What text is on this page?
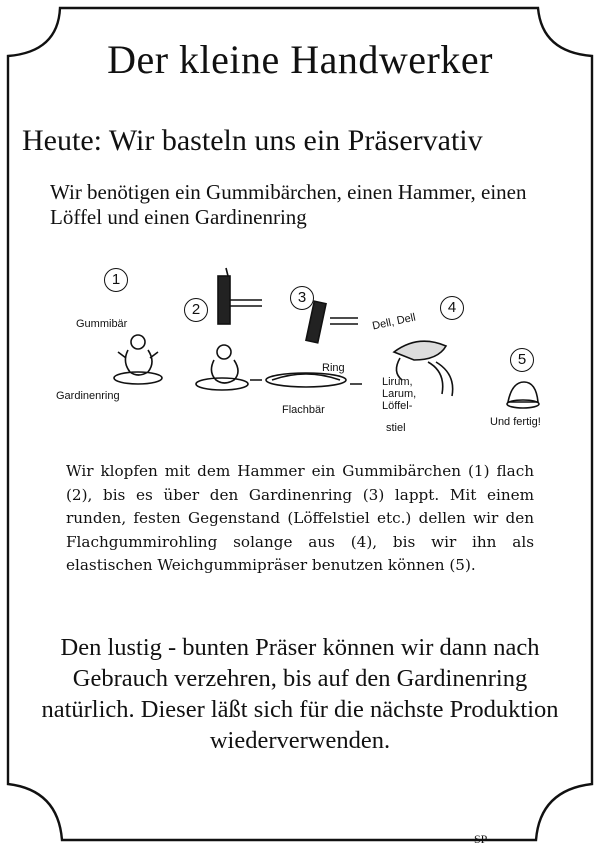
Der kleine Handwerker
Heute: Wir basteln uns ein Präservativ
Wir benötigen ein Gummibärchen, einen Hammer, einen Löffel und einen Gardinenring
1
2
3
4
5
Gummibär
Gardinenring
Ring
Flachbär
Dell, Dell
Lirum,
Larum,
Löffel-
stiel	Und fertig!
Wir klopfen mit dem Hammer ein Gummibärchen (1) flach (2), bis es über den Gardinenring (3) lappt. Mit einem runden, festen Gegenstand (Löffelstiel etc.) dellen wir den Flachgummirohling solange aus (4), bis wir ihn als elastischen Weichgummipräser benutzen können (5).
Den lustig - bunten Präser können wir dann nach Gebrauch verzehren, bis auf den Gardinenring natürlich. Dieser läßt sich für die nächste Produktion wiederverwenden.
-SP-
